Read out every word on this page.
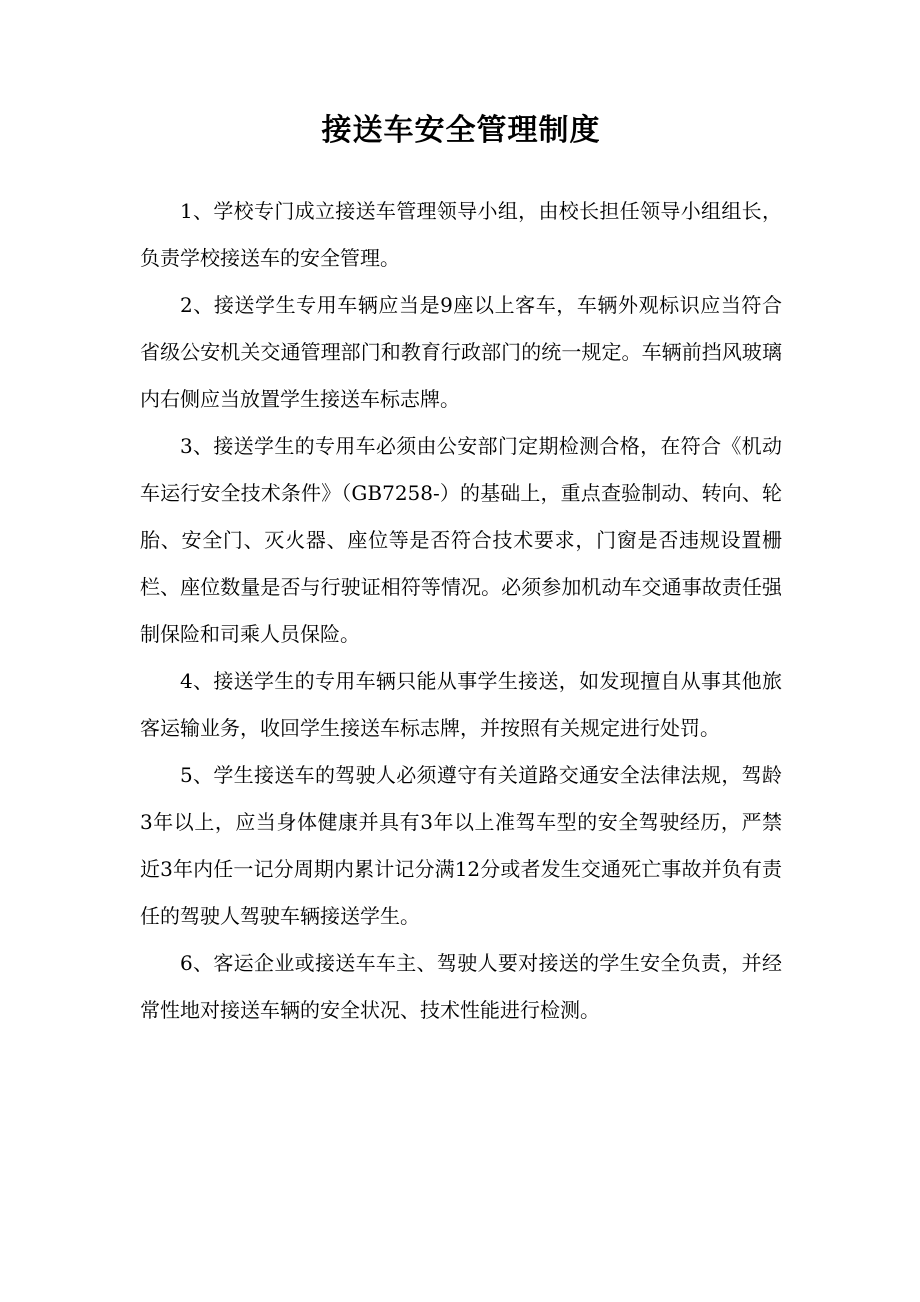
接送车安全管理制度

1、学校专门成立接送车管理领导小组，由校长担任领导小组组长，负责学校接送车的安全管理。

2、接送学生专用车辆应当是9座以上客车，车辆外观标识应当符合省级公安机关交通管理部门和教育行政部门的统一规定。车辆前挡风玻璃内右侧应当放置学生接送车标志牌。

3、接送学生的专用车必须由公安部门定期检测合格，在符合《机动车运行安全技术条件》（GB7258-）的基础上，重点查验制动、转向、轮胎、安全门、灭火器、座位等是否符合技术要求，门窗是否违规设置栅栏、座位数量是否与行驶证相符等情况。必须参加机动车交通事故责任强制保险和司乘人员保险。

4、接送学生的专用车辆只能从事学生接送，如发现擅自从事其他旅客运输业务，收回学生接送车标志牌，并按照有关规定进行处罚。

5、学生接送车的驾驶人必须遵守有关道路交通安全法律法规，驾龄3年以上，应当身体健康并具有3年以上准驾车型的安全驾驶经历，严禁近3年内任一记分周期内累计记分满12分或者发生交通死亡事故并负有责任的驾驶人驾驶车辆接送学生。

6、客运企业或接送车车主、驾驶人要对接送的学生安全负责，并经常性地对接送车辆的安全状况、技术性能进行检测。
